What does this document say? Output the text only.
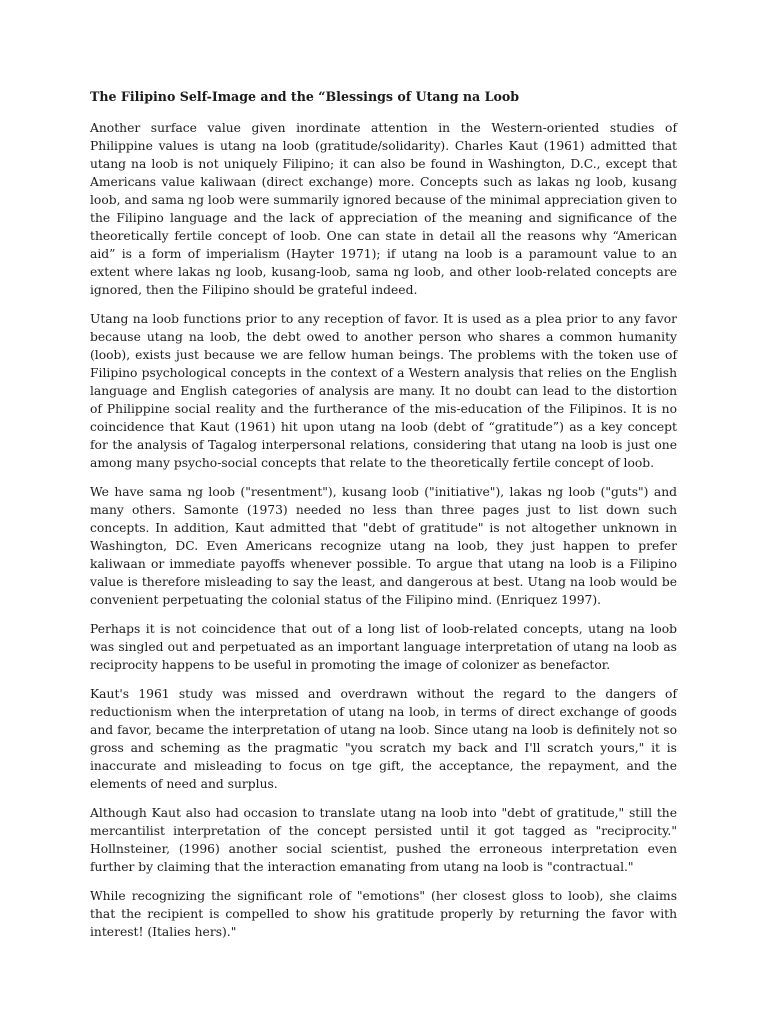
The Filipino Self-Image and the “Blessings of Utang na Loob

Another surface value given inordinate attention in the Western-oriented studies of Philippine values is utang na loob (gratitude/solidarity). Charles Kaut (1961) admitted that utang na loob is not uniquely Filipino; it can also be found in Washington, D.C., except that Americans value kaliwaan (direct exchange) more. Concepts such as lakas ng loob, kusang loob, and sama ng loob were summarily ignored because of the minimal appreciation given to the Filipino language and the lack of appreciation of the meaning and significance of the theoretically fertile concept of loob. One can state in detail all the reasons why “American aid” is a form of imperialism (Hayter 1971); if utang na loob is a paramount value to an extent where lakas ng loob, kusang-loob, sama ng loob, and other loob-related concepts are ignored, then the Filipino should be grateful indeed.

Utang na loob functions prior to any reception of favor. It is used as a plea prior to any favor because utang na loob, the debt owed to another person who shares a common humanity (loob), exists just because we are fellow human beings. The problems with the token use of Filipino psychological concepts in the context of a Western analysis that relies on the English language and English categories of analysis are many. It no doubt can lead to the distortion of Philippine social reality and the furtherance of the mis-education of the Filipinos. It is no coincidence that Kaut (1961) hit upon utang na loob (debt of “gratitude”) as a key concept for the analysis of Tagalog interpersonal relations, considering that utang na loob is just one among many psycho-social concepts that relate to the theoretically fertile concept of loob.

We have sama ng loob ("resentment"), kusang loob ("initiative"), lakas ng loob ("guts") and many others. Samonte (1973) needed no less than three pages just to list down such concepts. In addition, Kaut admitted that "debt of gratitude" is not altogether unknown in Washington, DC. Even Americans recognize utang na loob, they just happen to prefer kaliwaan or immediate payoffs whenever possible. To argue that utang na loob is a Filipino value is therefore misleading to say the least, and dangerous at best. Utang na loob would be convenient perpetuating the colonial status of the Filipino mind. (Enriquez 1997).

Perhaps it is not coincidence that out of a long list of loob-related concepts, utang na loob was singled out and perpetuated as an important language interpretation of utang na loob as reciprocity happens to be useful in promoting the image of colonizer as benefactor.

Kaut's 1961 study was missed and overdrawn without the regard to the dangers of reductionism when the interpretation of utang na loob, in terms of direct exchange of goods and favor, became the interpretation of utang na loob. Since utang na loob is definitely not so gross and scheming as the pragmatic "you scratch my back and I'll scratch yours," it is inaccurate and misleading to focus on tge gift, the acceptance, the repayment, and the elements of need and surplus.

Although Kaut also had occasion to translate utang na loob into "debt of gratitude," still the mercantilist interpretation of the concept persisted until it got tagged as "reciprocity." Hollnsteiner, (1996) another social scientist, pushed the erroneous interpretation even further by claiming that the interaction emanating from utang na loob is "contractual."

While recognizing the significant role of "emotions" (her closest gloss to loob), she claims that the recipient is compelled to show his gratitude properly by returning the favor with interest! (Italies hers)."
